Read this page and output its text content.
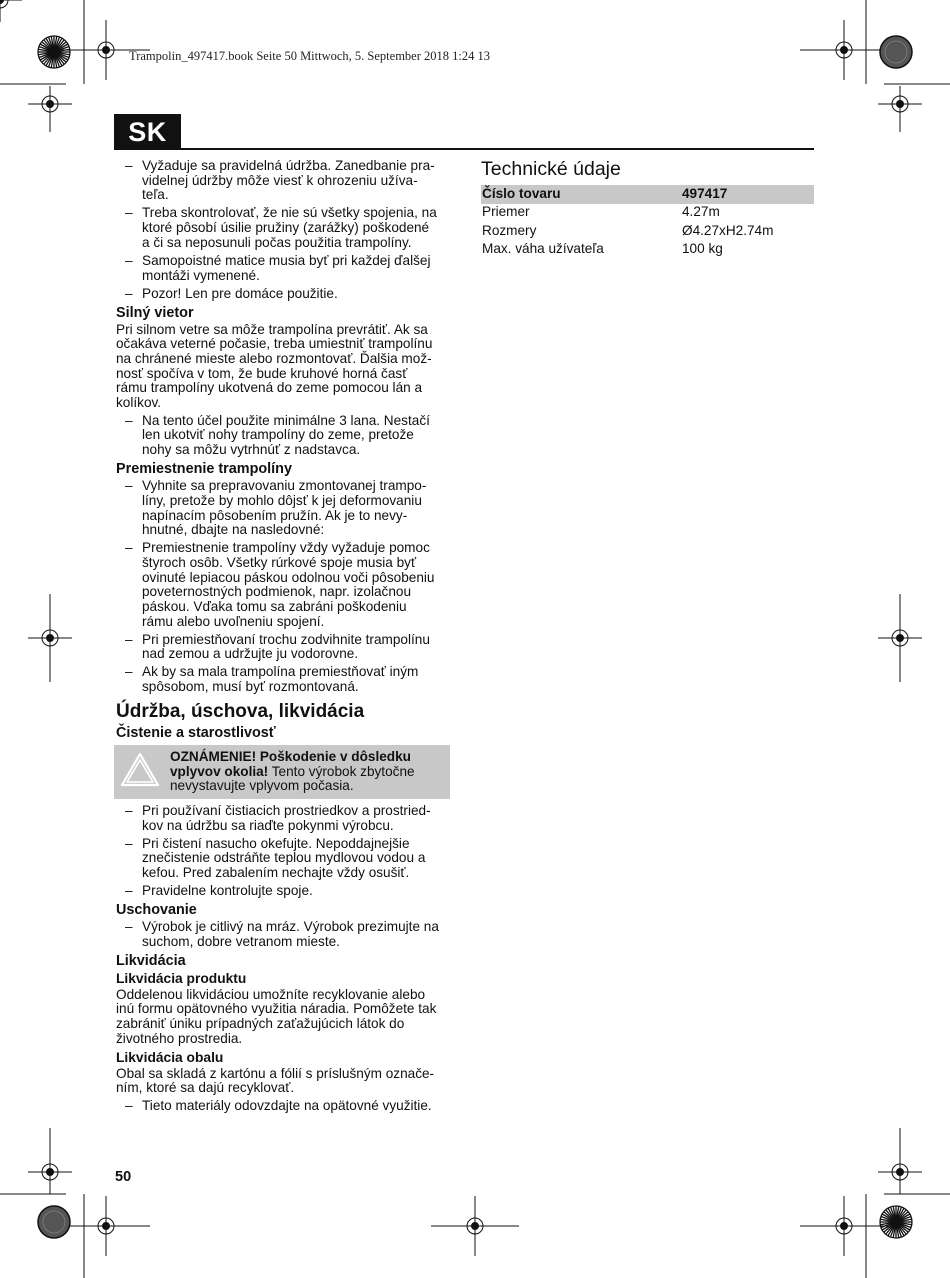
Trampolin_497417.book Seite 50 Mittwoch, 5. September 2018 1:24 13
SK
– Vyžaduje sa pravidelná údržba. Zanedbanie pra-
videlnej údržby môže viesť k ohrozeniu užíva-
teľa.
– Treba skontrolovať, že nie sú všetky spojenia, na
ktoré pôsobí úsilie pružiny (zarážky) poškodené
a či sa neposunuli počas použitia trampolíny.
– Samopoistné matice musia byť pri každej ďalšej
montáži vymenené.
– Pozor! Len pre domáce použitie.
Silný vietor
Pri silnom vetre sa môže trampolína prevrátiť. Ak sa
očakáva veterné počasie, treba umiestniť trampolínu
na chránené mieste alebo rozmontovať. Ďalšia mož-
nosť spočíva v tom, že bude kruhové horná časť
rámu trampolíny ukotvená do zeme pomocou lán a
kolíkov.
– Na tento účel použite minimálne 3 lana. Nestačí
len ukotviť nohy trampolíny do zeme, pretože
nohy sa môžu vytrhnúť z nadstavca.
Premiestnenie trampolíny
– Vyhnite sa prepravovaniu zmontovanej trampo-
líny, pretože by mohlo dôjsť k jej deformovaniu
napínacím pôsobením pružín. Ak je to nevy-
hnutné, dbajte na nasledovné:
– Premiestnenie trampolíny vždy vyžaduje pomoc
štyroch osôb. Všetky rúrkové spoje musia byť
ovinuté lepiacou páskou odolnou voči pôsobeniu
poveternostných podmienok, napr. izolačnou
páskou. Vďaka tomu sa zabráni poškodeniu
rámu alebo uvoľneniu spojení.
– Pri premiestňovaní trochu zodvihnite trampolínu
nad zemou a udržujte ju vodorovne.
– Ak by sa mala trampolína premiestňovať iným
spôsobom, musí byť rozmontovaná.
Údržba, úschova, likvidácia
Čistenie a starostlivosť
OZNÁMENIE! Poškodenie v dôsledku
vplyvov okolia! Tento výrobok zbytočne
nevystavujte vplyvom počasia.
– Pri používaní čistiacich prostriedkov a prostried-
kov na údržbu sa riaďte pokynmi výrobcu.
– Pri čistení nasucho okefujte. Nepoddajnejšie
znečistenie odstráňte teplou mydlovou vodou a
kefou. Pred zabalením nechajte vždy osušiť.
– Pravidelne kontrolujte spoje.
Uschovanie
– Výrobok je citlivý na mráz. Výrobok prezimujte na
suchom, dobre vetranom mieste.
Likvidácia
Likvidácia produktu
Oddelenou likvidáciou umožníte recyklovanie alebo
inú formu opätovného využitia náradia. Pomôžete tak
zabrániť úniku prípadných zaťažujúcich látok do
životného prostredia.
Likvidácia obalu
Obal sa skladá z kartónu a fólií s príslušným označe-
ním, ktoré sa dajú recyklovať.
– Tieto materiály odovzdajte na opätovné využitie.
Technické údaje
Číslo tovaru	497417
Priemer	4.27m
Rozmery	Ø4.27xH2.74m
Max. váha užívateľa	100 kg
50
